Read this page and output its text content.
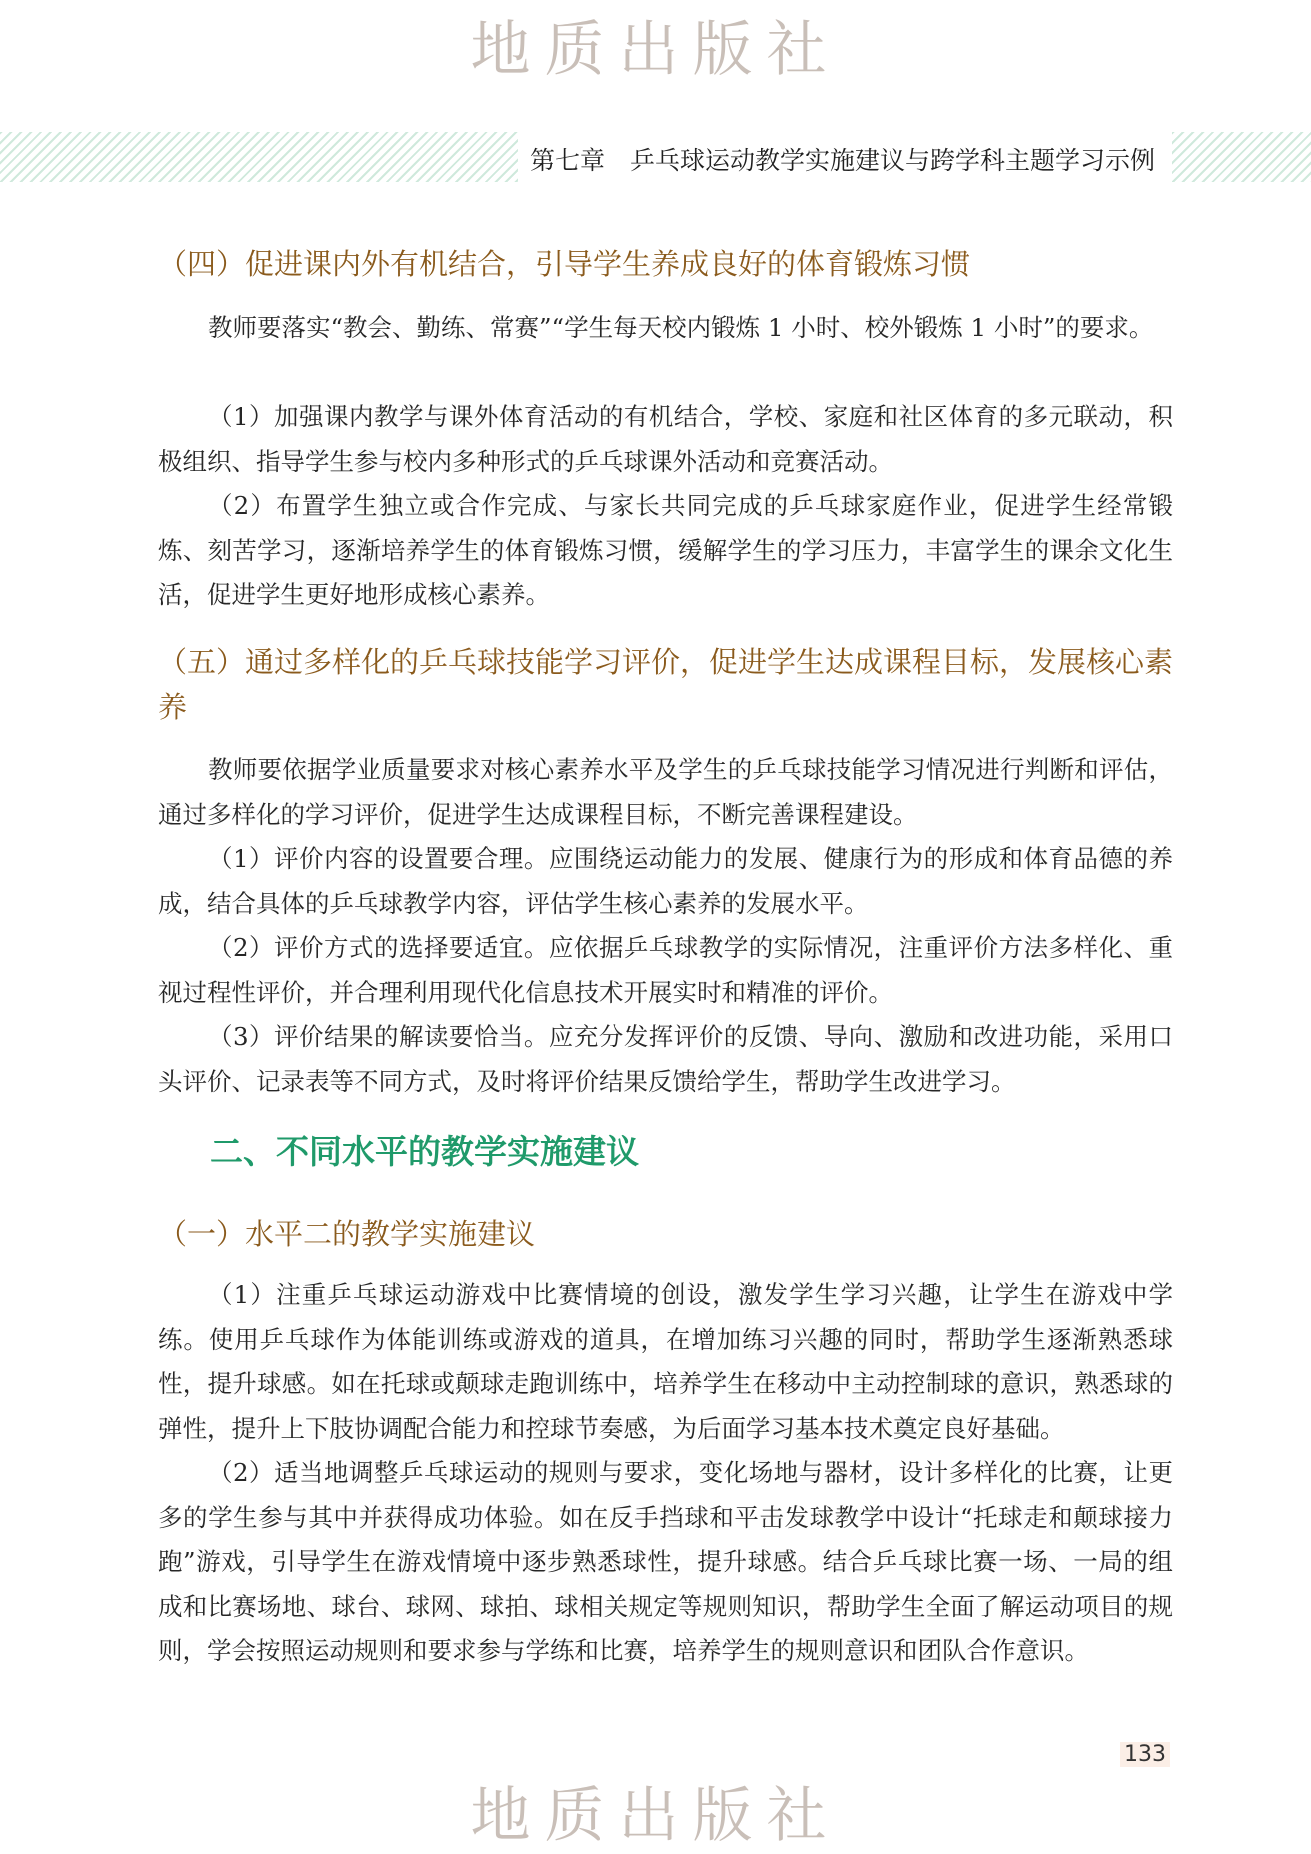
地质出版社
第七章　乒乓球运动教学实施建议与跨学科主题学习示例
（四）促进课内外有机结合，引导学生养成良好的体育锻炼习惯

教师要落实“教会、勤练、常赛”“学生每天校内锻炼 1 小时、校外锻炼 1 小时”的要求。

（1）加强课内教学与课外体育活动的有机结合，学校、家庭和社区体育的多元联动，积极组织、指导学生参与校内多种形式的乒乓球课外活动和竞赛活动。

（2）布置学生独立或合作完成、与家长共同完成的乒乓球家庭作业，促进学生经常锻炼、刻苦学习，逐渐培养学生的体育锻炼习惯，缓解学生的学习压力，丰富学生的课余文化生活，促进学生更好地形成核心素养。

（五）通过多样化的乒乓球技能学习评价，促进学生达成课程目标，发展核心素养

教师要依据学业质量要求对核心素养水平及学生的乒乓球技能学习情况进行判断和评估，通过多样化的学习评价，促进学生达成课程目标，不断完善课程建设。

（1）评价内容的设置要合理。应围绕运动能力的发展、健康行为的形成和体育品德的养成，结合具体的乒乓球教学内容，评估学生核心素养的发展水平。

（2）评价方式的选择要适宜。应依据乒乓球教学的实际情况，注重评价方法多样化、重视过程性评价，并合理利用现代化信息技术开展实时和精准的评价。

（3）评价结果的解读要恰当。应充分发挥评价的反馈、导向、激励和改进功能，采用口头评价、记录表等不同方式，及时将评价结果反馈给学生，帮助学生改进学习。

二、不同水平的教学实施建议
（一）水平二的教学实施建议

（1）注重乒乓球运动游戏中比赛情境的创设，激发学生学习兴趣，让学生在游戏中学练。使用乒乓球作为体能训练或游戏的道具，在增加练习兴趣的同时，帮助学生逐渐熟悉球性，提升球感。如在托球或颠球走跑训练中，培养学生在移动中主动控制球的意识，熟悉球的弹性，提升上下肢协调配合能力和控球节奏感，为后面学习基本技术奠定良好基础。

（2）适当地调整乒乓球运动的规则与要求，变化场地与器材，设计多样化的比赛，让更多的学生参与其中并获得成功体验。如在反手挡球和平击发球教学中设计“托球走和颠球接力跑”游戏，引导学生在游戏情境中逐步熟悉球性，提升球感。结合乒乓球比赛一场、一局的组成和比赛场地、球台、球网、球拍、球相关规定等规则知识，帮助学生全面了解运动项目的规则，学会按照运动规则和要求参与学练和比赛，培养学生的规则意识和团队合作意识。

133
地质出版社
